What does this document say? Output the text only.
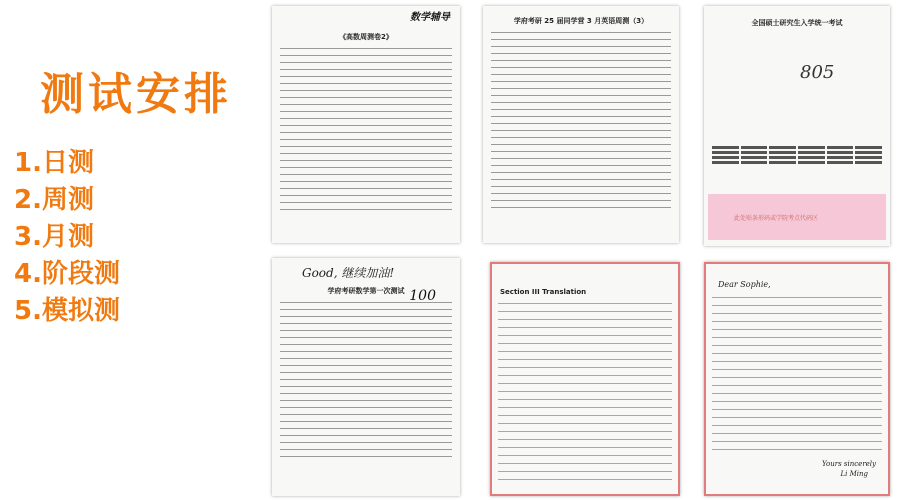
测试安排
1.日测
2.周测
3.月测
4.阶段测
5.模拟测
《高数周测卷2》
数学辅导	学府考研 25 届同学营 3 月英语周测（3）	全国硕士研究生入学统一考试
805
此处贴条形码或学院考点代码区
Good, 继续加油!
学府考研数学第一次测试 100	Section III Translation
Dear Sophie,
Yours sincerely
Li Ming
